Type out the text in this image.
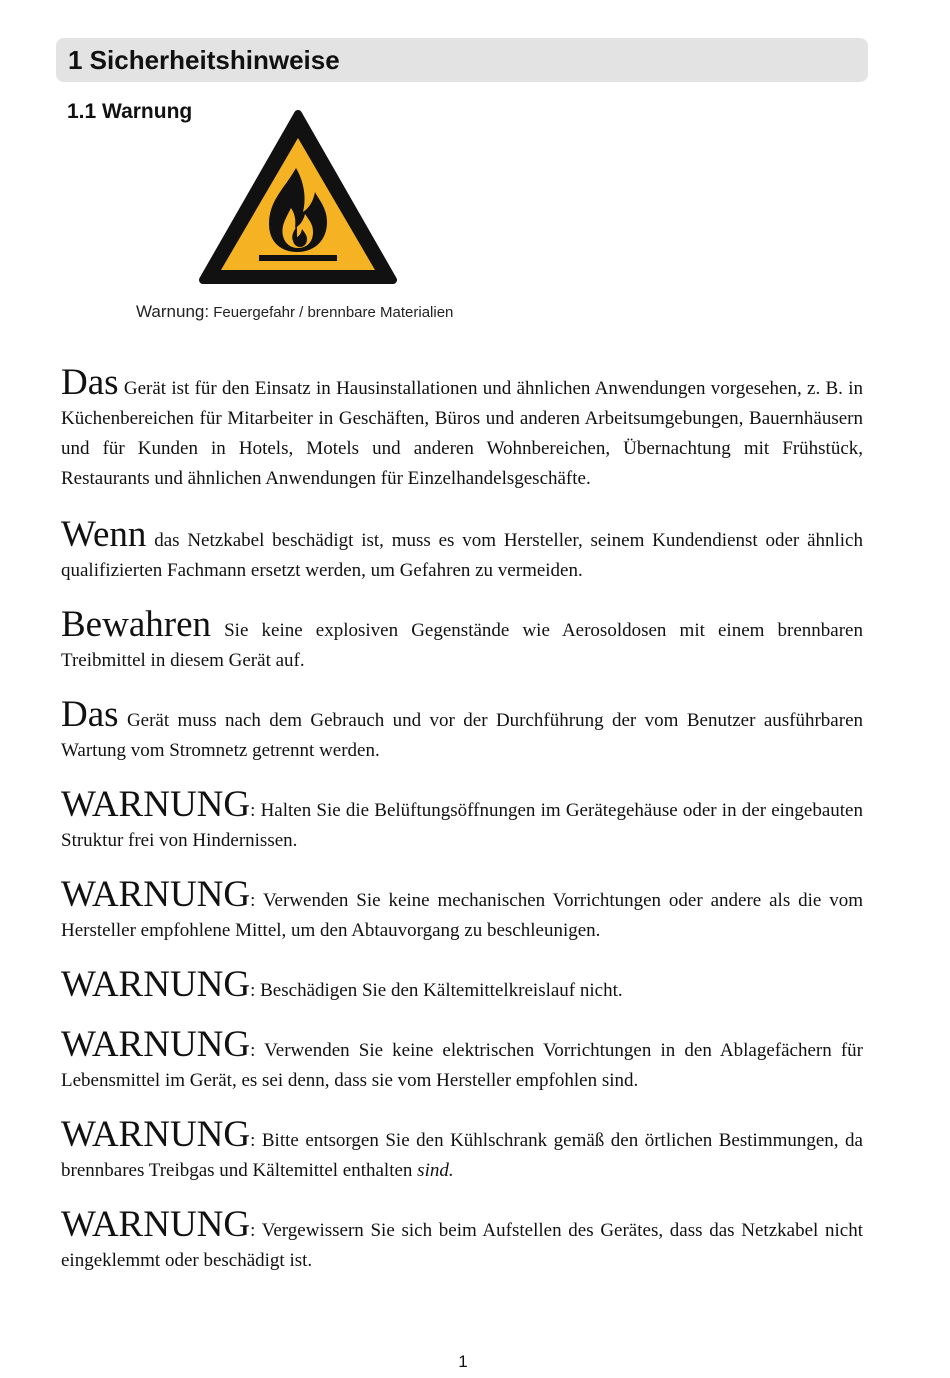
1 Sicherheitshinweise
1.1 Warnung
Warnung: Feuergefahr / brennbare Materialien

Das Gerät ist für den Einsatz in Hausinstallationen und ähnlichen Anwendungen vorgesehen, z. B. in Küchenbereichen für Mitarbeiter in Geschäften, Büros und anderen Arbeitsumgebungen, Bauernhäusern und für Kunden in Hotels, Motels und anderen Wohnbereichen, Übernachtung mit Frühstück, Restaurants und ähnlichen Anwendungen für Einzelhandelsgeschäfte.

Wenn das Netzkabel beschädigt ist, muss es vom Hersteller, seinem Kundendienst oder ähnlich qualifizierten Fachmann ersetzt werden, um Gefahren zu vermeiden.

Bewahren Sie keine explosiven Gegenstände wie Aerosoldosen mit einem brennbaren Treibmittel in diesem Gerät auf.

Das Gerät muss nach dem Gebrauch und vor der Durchführung der vom Benutzer ausführbaren Wartung vom Stromnetz getrennt werden.

WARNUNG: Halten Sie die Belüftungsöffnungen im Gerätegehäuse oder in der eingebauten Struktur frei von Hindernissen.

WARNUNG: Verwenden Sie keine mechanischen Vorrichtungen oder andere als die vom Hersteller empfohlene Mittel, um den Abtauvorgang zu beschleunigen.

WARNUNG: Beschädigen Sie den Kältemittelkreislauf nicht.

WARNUNG: Verwenden Sie keine elektrischen Vorrichtungen in den Ablagefächern für Lebensmittel im Gerät, es sei denn, dass sie vom Hersteller empfohlen sind.

WARNUNG: Bitte entsorgen Sie den Kühlschrank gemäß den örtlichen Bestimmungen, da brennbares Treibgas und Kältemittel enthalten sind.

WARNUNG: Vergewissern Sie sich beim Aufstellen des Gerätes, dass das Netzkabel nicht eingeklemmt oder beschädigt ist.

1
